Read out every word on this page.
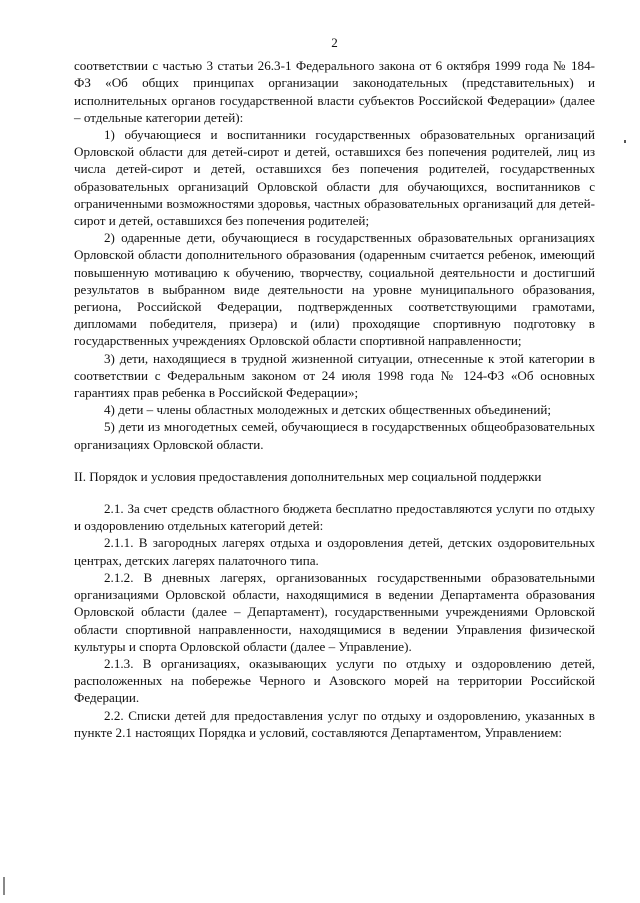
2

соответствии с частью 3 статьи 26.3-1 Федерального закона от 6 октября 1999 года № 184-ФЗ «Об общих принципах организации законодательных (представительных) и исполнительных органов государственной власти субъектов Российской Федерации» (далее – отдельные категории детей):

1) обучающиеся и воспитанники государственных образовательных организаций Орловской области для детей-сирот и детей, оставшихся без попечения родителей, лиц из числа детей-сирот и детей, оставшихся без попечения родителей, государственных образовательных организаций Орловской области для обучающихся, воспитанников с ограниченными возможностями здоровья, частных образовательных организаций для детей-сирот и детей, оставшихся без попечения родителей;

2) одаренные дети, обучающиеся в государственных образовательных организациях Орловской области дополнительного образования (одаренным считается ребенок, имеющий повышенную мотивацию к обучению, творчеству, социальной деятельности и достигший результатов в выбранном виде деятельности на уровне муниципального образования, региона, Российской Федерации, подтвержденных соответствующими грамотами, дипломами победителя, призера) и (или) проходящие спортивную подготовку в государственных учреждениях Орловской области спортивной направленности;

3) дети, находящиеся в трудной жизненной ситуации, отнесенные к этой категории в соответствии с Федеральным законом от 24 июля 1998 года № 124-ФЗ «Об основных гарантиях прав ребенка в Российской Федерации»;

4) дети – члены областных молодежных и детских общественных объединений;

5) дети из многодетных семей, обучающиеся в государственных общеобразовательных организациях Орловской области.

II. Порядок и условия предоставления дополнительных мер социальной поддержки

2.1. За счет средств областного бюджета бесплатно предоставляются услуги по отдыху и оздоровлению отдельных категорий детей:

2.1.1. В загородных лагерях отдыха и оздоровления детей, детских оздоровительных центрах, детских лагерях палаточного типа.

2.1.2. В дневных лагерях, организованных государственными образовательными организациями Орловской области, находящимися в ведении Департамента образования Орловской области (далее – Департамент), государственными учреждениями Орловской области спортивной направленности, находящимися в ведении Управления физической культуры и спорта Орловской области (далее – Управление).

2.1.3. В организациях, оказывающих услуги по отдыху и оздоровлению детей, расположенных на побережье Черного и Азовского морей на территории Российской Федерации.

2.2. Списки детей для предоставления услуг по отдыху и оздоровлению, указанных в пункте 2.1 настоящих Порядка и условий, составляются Департаментом, Управлением:
